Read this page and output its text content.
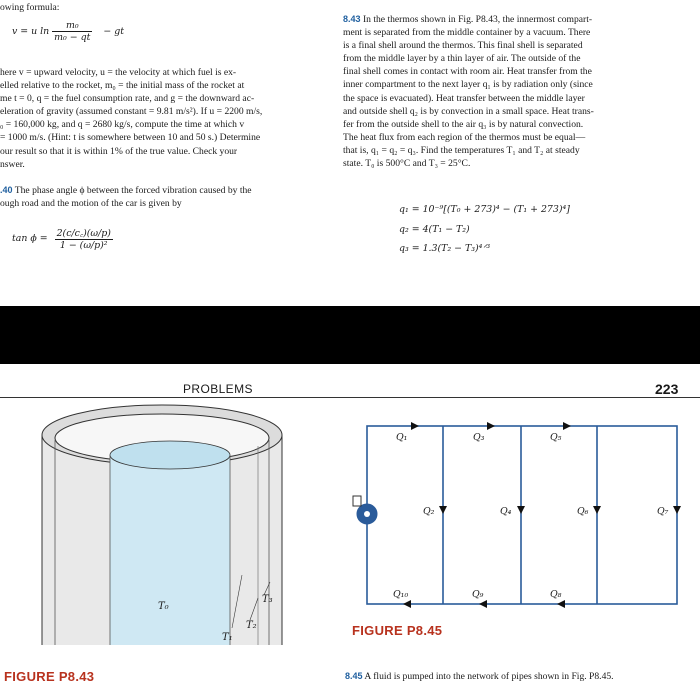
owing formula:
v = u $\ln \frac{\text{m₀}}{\text{m₀ − qt}}$ − gt
here v = upward velocity, u = the velocity at which fuel is ex-
elled relative to the rocket, m₀ = the initial mass of the rocket at
me t = 0, q = the fuel consumption rate, and g = the downward ac-
eleration of gravity (assumed constant = 9.81 m/s²). If u = 2200 m/s,
₀ = 160,000 kg, and q = 2680 kg/s, compute the time at which v
= 1000 m/s. (Hint: t is somewhere between 10 and 50 s.) Determine
our result so that it is within 1% of the true value. Check your
nswer.
.40 The phase angle ϕ between the forced vibration caused by the
ough road and the motion of the car is given by
$\tan \phi = \frac{2(c/c꜀)(\omega/p)}{\text{1 − (ω/p)²}}$
8.43 In the thermos shown in Fig. P8.43, the innermost compart-
ment is separated from the middle container by a vacuum. There
is a final shell around the thermos. This final shell is separated
from the middle layer by a thin layer of air. The outside of the
final shell comes in contact with room air. Heat transfer from the
inner compartment to the next layer q₁ is by radiation only (since
the space is evacuated). Heat transfer between the middle layer
and outside shell q₂ is by convection in a small space. Heat trans-
fer from the outside shell to the air q₃ is by natural convection.
The heat flux from each region of the thermos must be equal—
that is, q₁ = q₂ = q₃. Find the temperatures T₁ and T₂ at steady
state. T₀ is 500°C and T₃ = 25°C.
q₁ = 10⁻⁹[(T₀ + 273)⁴ − (T₁ + 273)⁴]
q₂ = 4(T₁ − T₂)
q₃ = 1.3(T₂ − T₃)⁴ᐟ³
PROBLEMS	223
T₀
T₁
T₂
T₃
FIGURE P8.43
Q₁	Q₃	Q₅
Q₂	Q₄	Q₆	Q₇
Q₁₀	Q₉	Q₈
FIGURE P8.45
8.45 A fluid is pumped into the network of pipes shown in Fig. P8.45.
